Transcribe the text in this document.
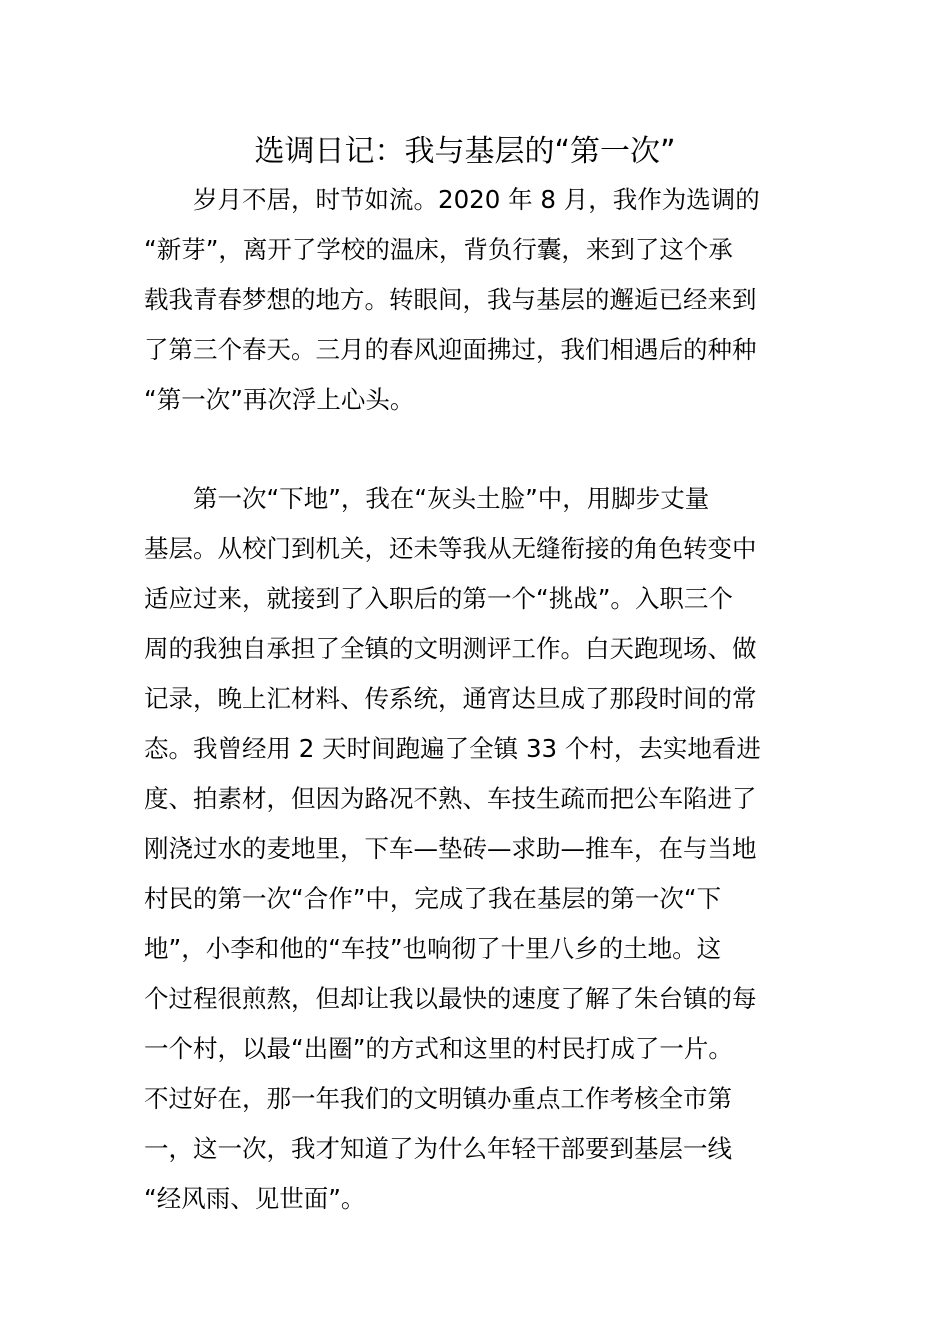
选调日记：我与基层的“第一次”

　　岁月不居，时节如流。2020 年 8 月，我作为选调的

“新芽”，离开了学校的温床，背负行囊，来到了这个承

载我青春梦想的地方。转眼间，我与基层的邂逅已经来到

了第三个春天。三月的春风迎面拂过，我们相遇后的种种

“第一次”再次浮上心头。

　　第一次“下地”，我在“灰头土脸”中，用脚步丈量

基层。从校门到机关，还未等我从无缝衔接的角色转变中

适应过来，就接到了入职后的第一个“挑战”。入职三个

周的我独自承担了全镇的文明测评工作。白天跑现场、做

记录，晚上汇材料、传系统，通宵达旦成了那段时间的常

态。我曾经用 2 天时间跑遍了全镇 33 个村，去实地看进

度、拍素材，但因为路况不熟、车技生疏而把公车陷进了

刚浇过水的麦地里，下车—垫砖—求助—推车，在与当地

村民的第一次“合作”中，完成了我在基层的第一次“下

地”，小李和他的“车技”也响彻了十里八乡的土地。这

个过程很煎熬，但却让我以最快的速度了解了朱台镇的每

一个村，以最“出圈”的方式和这里的村民打成了一片。

不过好在，那一年我们的文明镇办重点工作考核全市第

一，这一次，我才知道了为什么年轻干部要到基层一线

“经风雨、见世面”。
